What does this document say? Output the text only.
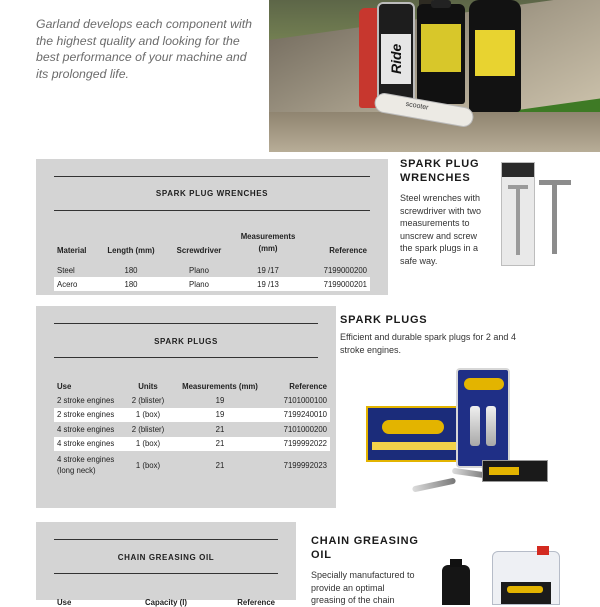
Garland develops each component with the highest quality and looking for the best performance of your machine and its prolonged life.	Ride
scooter
SPARK PLUG WRENCHES
Material	Length (mm)	Screwdriver	Measurements (mm)	Reference

Steel	180	Plano	19 /17	7199000200
Acero	180	Plano	19 /13	7199000201
SPARK PLUG
WRENCHES

Steel wrenches with screwdriver with two measurements to unscrew and screw the spark plugs in a safe way.

SPARK PLUGS
Use	Units	Measurements (mm)	Reference

2 stroke engines	2 (blister)	19	7101000100
2 stroke engines	1 (box)	19	7199240010
4 stroke engines	2 (blister)	21	7101000200
4 stroke engines	1 (box)	21	7199992022
4 stroke engines (long neck)	1 (box)	21	7199992023
SPARK PLUGS

Efficient and durable spark plugs for 2 and 4 stroke engines.

CHAIN GREASING OIL
Use	Capacity (l)	Reference
CHAIN GREASING
OIL

Specially manufactured to provide an optimal greasing of the chain
